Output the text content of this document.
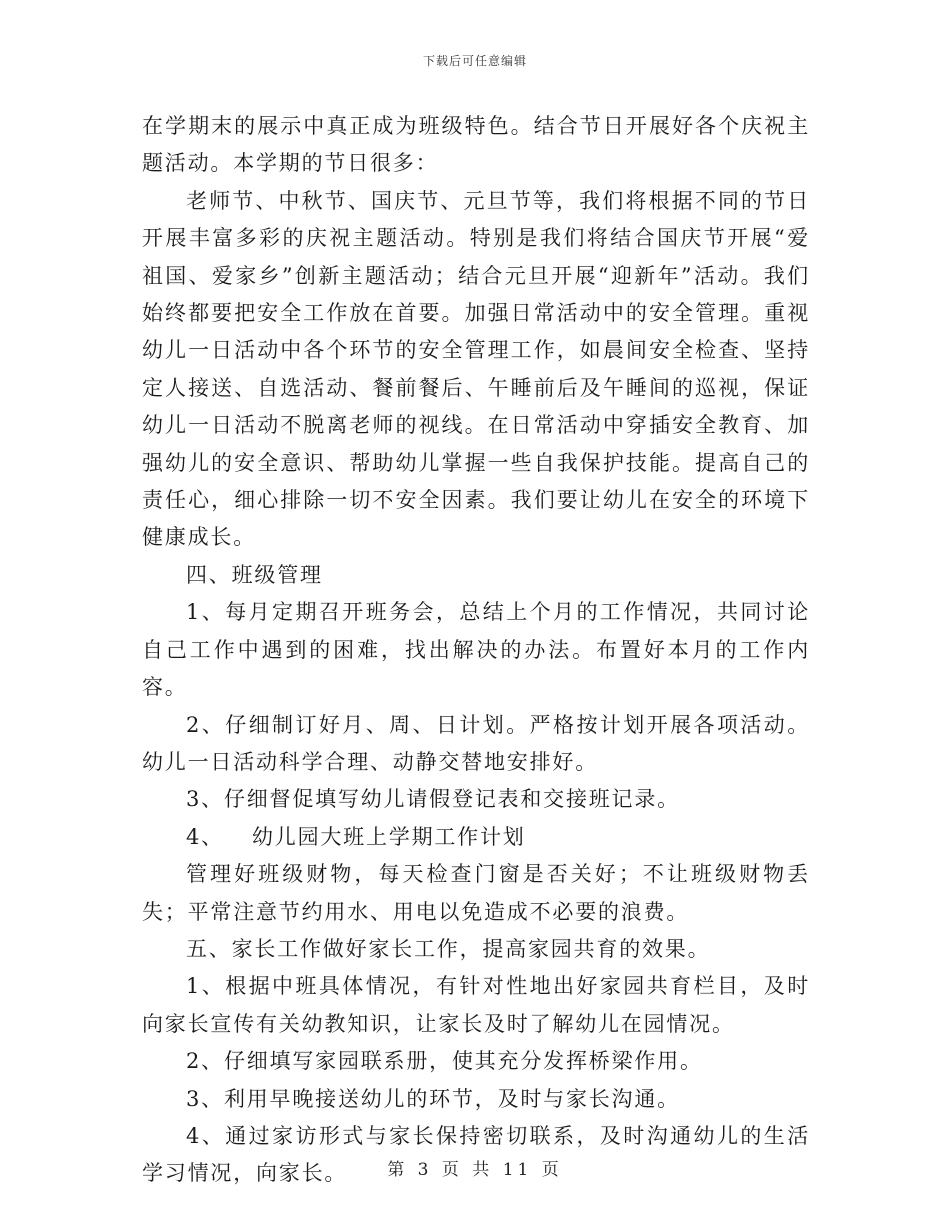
下载后可任意编辑

在学期末的展示中真正成为班级特色。结合节日开展好各个庆祝主题活动。本学期的节日很多：

老师节、中秋节、国庆节、元旦节等，我们将根据不同的节日开展丰富多彩的庆祝主题活动。特别是我们将结合国庆节开展“爱祖国、爱家乡”创新主题活动；结合元旦开展“迎新年”活动。我们始终都要把安全工作放在首要。加强日常活动中的安全管理。重视幼儿一日活动中各个环节的安全管理工作，如晨间安全检查、坚持定人接送、自选活动、餐前餐后、午睡前后及午睡间的巡视，保证幼儿一日活动不脱离老师的视线。在日常活动中穿插安全教育、加强幼儿的安全意识、帮助幼儿掌握一些自我保护技能。提高自己的责任心，细心排除一切不安全因素。我们要让幼儿在安全的环境下健康成长。

四、班级管理

1、每月定期召开班务会，总结上个月的工作情况，共同讨论自己工作中遇到的困难，找出解决的办法。布置好本月的工作内容。

2、仔细制订好月、周、日计划。严格按计划开展各项活动。幼儿一日活动科学合理、动静交替地安排好。

3、仔细督促填写幼儿请假登记表和交接班记录。

4、 幼儿园大班上学期工作计划

管理好班级财物，每天检查门窗是否关好；不让班级财物丢失；平常注意节约用水、用电以免造成不必要的浪费。

五、家长工作做好家长工作，提高家园共育的效果。

1、根据中班具体情况，有针对性地出好家园共育栏目，及时向家长宣传有关幼教知识，让家长及时了解幼儿在园情况。

2、仔细填写家园联系册，使其充分发挥桥梁作用。

3、利用早晚接送幼儿的环节，及时与家长沟通。

4、通过家访形式与家长保持密切联系，及时沟通幼儿的生活学习情况，向家长。	第 3 页 共 11 页
